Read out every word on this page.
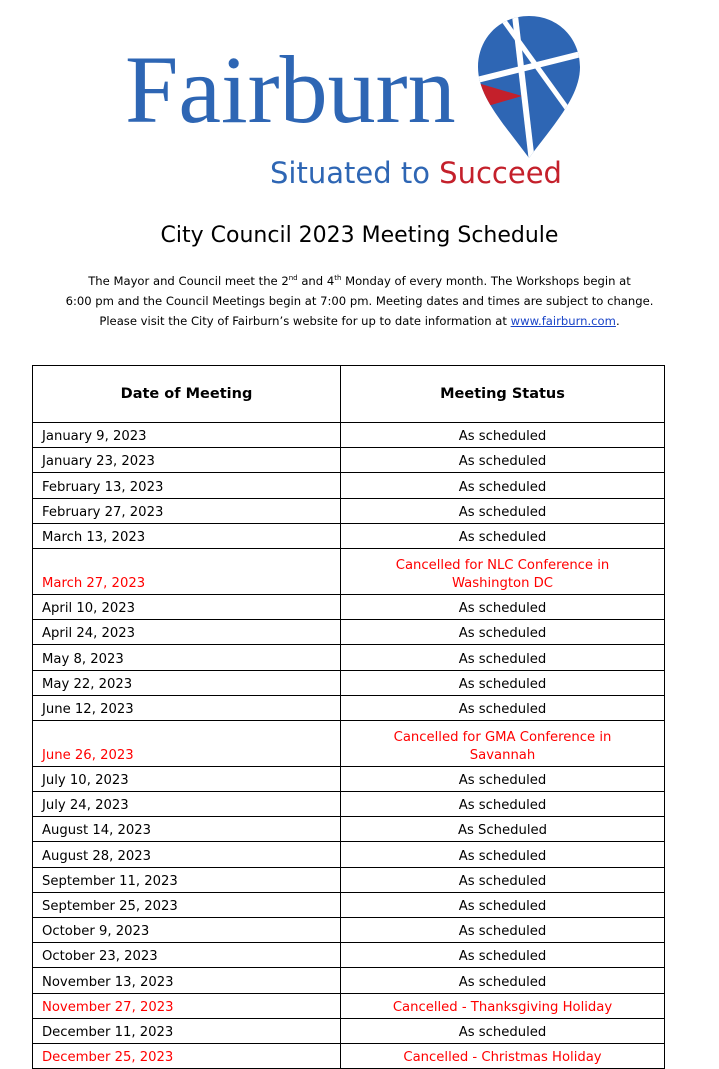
Fairburn
Situated to Succeed
City Council 2023 Meeting Schedule
The Mayor and Council meet the 2nd and 4th Monday of every month. The Workshops begin at
6:00 pm and the Council Meetings begin at 7:00 pm. Meeting dates and times are subject to change.
Please visit the City of Fairburn’s website for up to date information at www.fairburn.com.
Date of Meeting	Meeting Status
January 9, 2023	As scheduled
January 23, 2023	As scheduled
February 13, 2023	As scheduled
February 27, 2023	As scheduled
March 13, 2023	As scheduled
March 27, 2023	Cancelled for NLC Conference in
Washington DC

April 10, 2023	As scheduled
April 24, 2023	As scheduled
May 8, 2023	As scheduled
May 22, 2023	As scheduled
June 12, 2023	As scheduled
June 26, 2023	Cancelled for GMA Conference in
Savannah

July 10, 2023	As scheduled
July 24, 2023	As scheduled
August 14, 2023	As Scheduled
August 28, 2023	As scheduled
September 11, 2023	As scheduled
September 25, 2023	As scheduled
October 9, 2023	As scheduled
October 23, 2023	As scheduled
November 13, 2023	As scheduled
November 27, 2023	Cancelled - Thanksgiving Holiday
December 11, 2023	As scheduled
December 25, 2023	Cancelled - Christmas Holiday
